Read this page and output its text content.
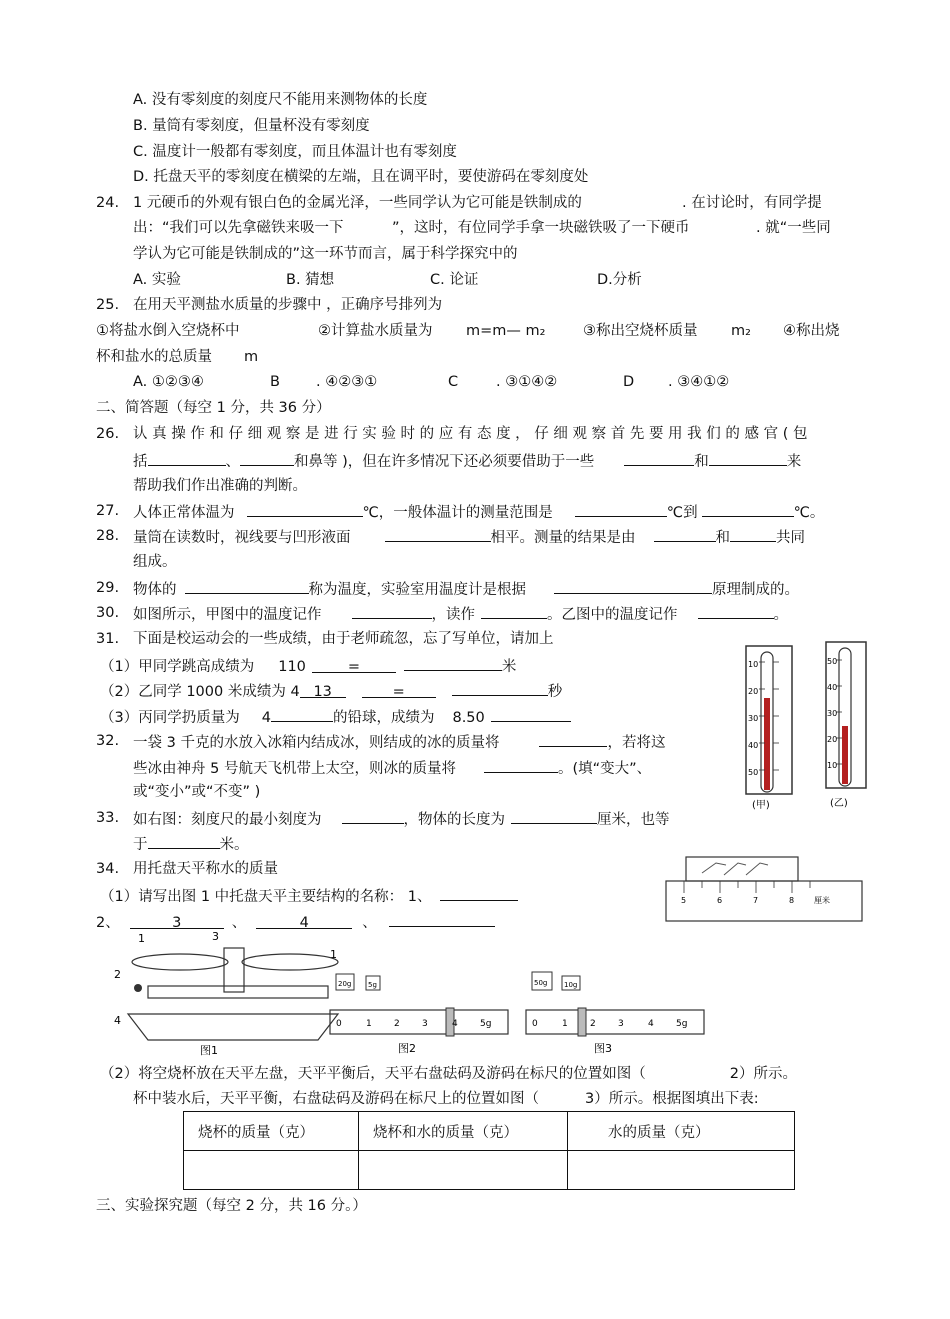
A. 没有零刻度的刻度尺不能用来测物体的长度
B. 量筒有零刻度，但量杯没有零刻度
C. 温度计一般都有零刻度，而且体温计也有零刻度
D. 托盘天平的零刻度在横梁的左端，且在调平时，要使游码在零刻度处
24. 1 元硬币的外观有银白色的金属光泽，一些同学认为它可能是铁制成的	. 在讨论时，有同学提
出：“我们可以先拿磁铁来吸一下	”，这时，有位同学手拿一块磁铁吸了一下硬币	. 就“一些同
学认为它可能是铁制成的”这一环节而言，属于科学探究中的
A. 实验	B. 猜想	C. 论证	D.分析
25. 在用天平测盐水质量的步骤中 ，正确序号排列为
①将盐水倒入空烧杯中	②计算盐水质量为 m=m— m₂	③称出空烧杯质量 m₂ ④称出烧
杯和盐水的总质量 m
A. ①②③④	B . ④②③①	C	. ③①④②	D . ③④①②
二、简答题（每空 1 分，共 36 分）
26. 认 真 操 作 和 仔 细 观 察 是 进 行 实 验 时 的 应 有 态 度 ， 仔 细 观 察 首 先 要 用 我 们 的 感 官 ( 包
括	、	和鼻等 )，但在许多情况下还必须要借助于一些	和	来
帮助我们作出准确的判断。
27. 人体正常体温为	℃，一般体温计的测量范围是	℃到	℃。
28. 量筒在读数时，视线要与凹形液面	相平。测量的结果是由	和	共同
组成。
29. 物体的	称为温度，实验室用温度计是根据	原理制成的。
30. 如图所示，甲图中的温度记作	，读作	。乙图中的温度记作	。
31. 下面是校运动会的一些成绩，由于老师疏忽，忘了写单位，请加上
（1）甲同学跳高成绩为 110	=	米
（2）乙同学 1000 米成绩为 4 13	=	秒
（3）丙同学扔质量为 4	的铅球，成绩为 8.50
32. 一袋 3 千克的水放入冰箱内结成冰，则结成的冰的质量将	，若将这
些冰由神舟 5 号航天飞机带上太空，则冰的质量将	。(填“变大”、
或“变小”或“不变” )
33. 如右图：刻度尺的最小刻度为	，物体的长度为	厘米，也等
于	米。
34. 用托盘天平称水的质量
（1）请写出图 1 中托盘天平主要结构的名称： 1、
2、	3	、	4	、
（2）将空烧杯放在天平左盘，天平平衡后，天平右盘砝码及游码在标尺的位置如图（	2）所示。
杯中装水后，天平平衡，右盘砝码及游码在标尺上的位置如图（	3）所示。根据图填出下表:
烧杯的质量（克）	烧杯和水的质量（克）	水的质量（克）

三、实验探究题（每空 2 分，共 16 分。）
10
20
30
40
50
(甲)
50
40
30
20
10
(乙)
5	6	7	8 厘米
1
2
3
4
1
图1
20g 5g
0	1 2 3	4 5g
图2
50g 10g
0	1 2 3	4 5g
图3
